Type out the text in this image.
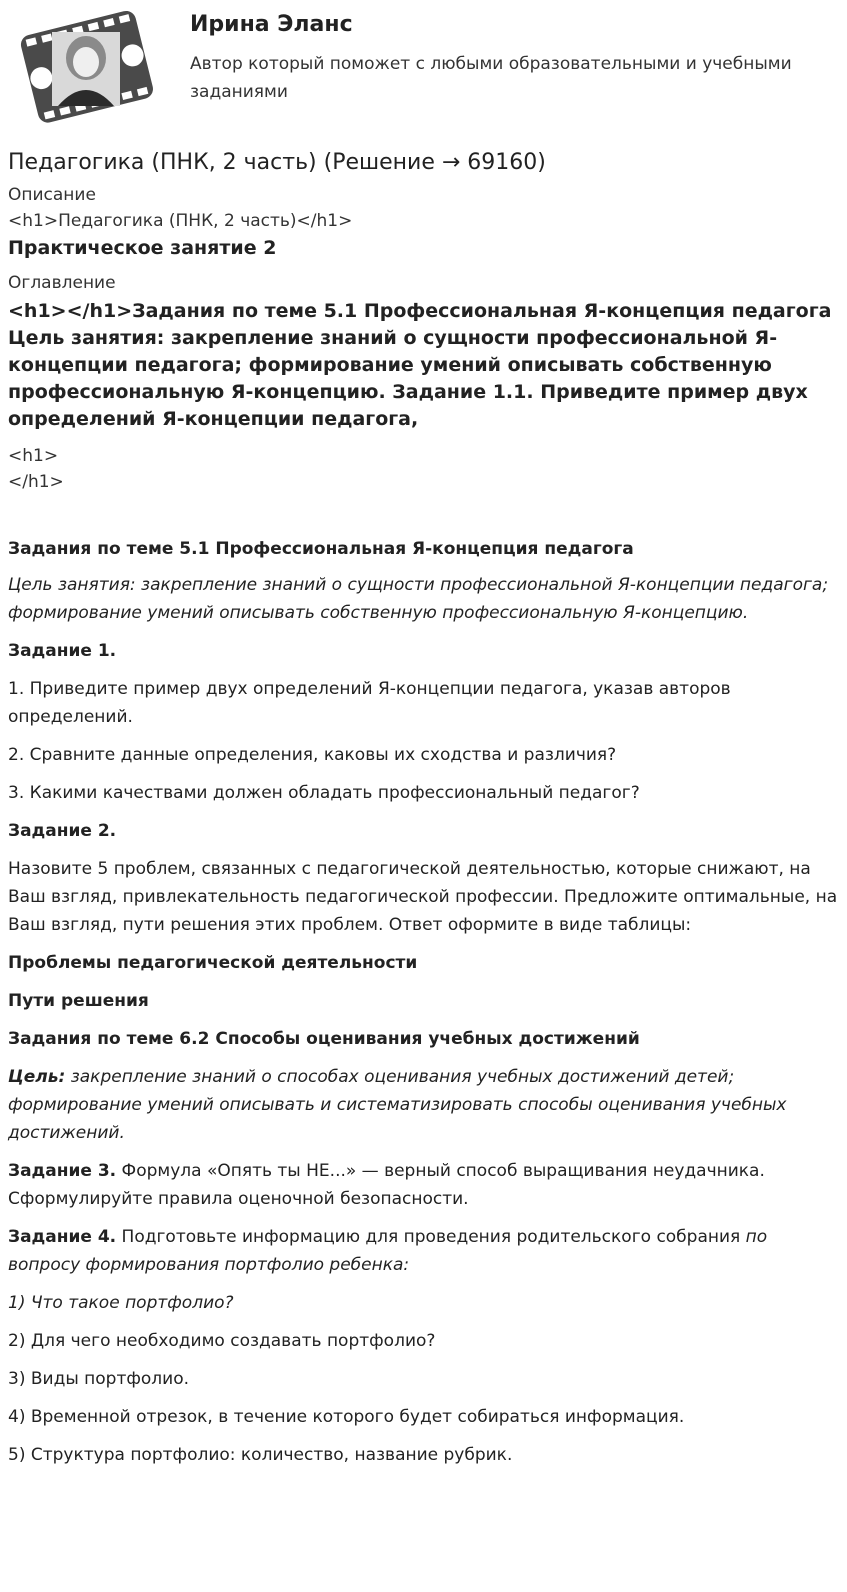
Ирина Эланс
Автор который поможет с любыми образовательными и учебными заданиями
Педагогика (ПНК, 2 часть) (Решение → 69160)
Описание
<h1>Педагогика (ПНК, 2 часть)</h1>
Практическое занятие 2
Оглавление
<h1></h1>Задания по теме 5.1 Профессиональная Я-концепция педагога Цель занятия: закрепление знаний о сущности профессиональной Я-концепции педагога; формирование умений описывать собственную профессиональную Я-концепцию. Задание 1.1. Приведите пример двух определений Я-концепции педагога,
<h1>
</h1>
Задания по теме 5.1 Профессиональная Я-концепция педагога

Цель занятия: закрепление знаний о сущности профессиональной Я-концепции педагога; формирование умений описывать собственную профессиональную Я-концепцию.

Задание 1.

1. Приведите пример двух определений Я-концепции педагога, указав авторов определений.

2. Сравните данные определения, каковы их сходства и различия?

3. Какими качествами должен обладать профессиональный педагог?

Задание 2.

Назовите 5 проблем, связанных с педагогической деятельностью, которые снижают, на Ваш взгляд, привлекательность педагогической профессии. Предложите оптимальные, на Ваш взгляд, пути решения этих проблем. Ответ оформите в виде таблицы:

Проблемы педагогической деятельности

Пути решения

Задания по теме 6.2 Способы оценивания учебных достижений

Цель: закрепление знаний о способах оценивания учебных достижений детей; формирование умений описывать и систематизировать способы оценивания учебных достижений.

Задание 3. Формула «Опять ты НЕ...» — верный способ выращивания неудачника. Сформулируйте правила оценочной безопасности.

Задание 4. Подготовьте информацию для проведения родительского собрания по вопросу формирования портфолио ребенка:

1) Что такое портфолио?

2) Для чего необходимо создавать портфолио?

3) Виды портфолио.

4) Временной отрезок, в течение которого будет собираться информация.

5) Структура портфолио: количество, название рубрик.
